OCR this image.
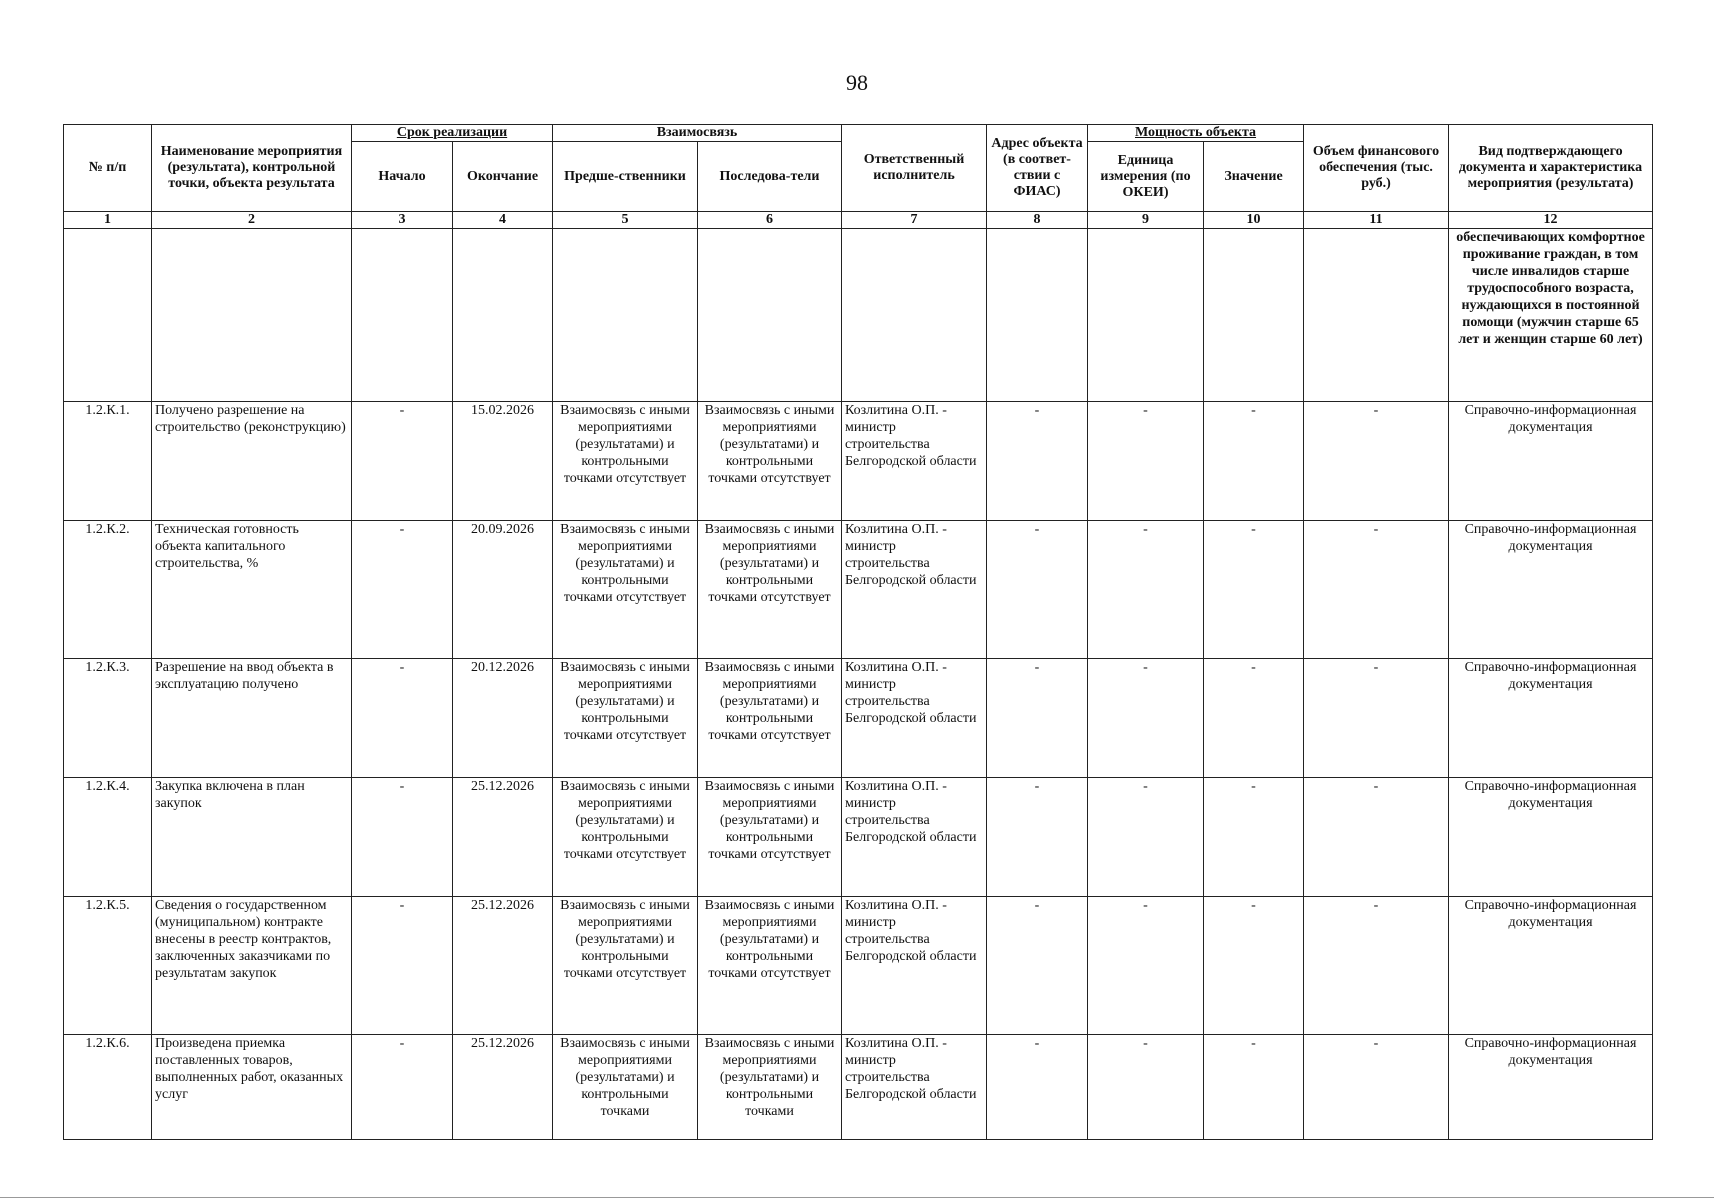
98
№ п/п	Наименование мероприятия (результата), контрольной точки, объекта результата	Срок реализации		Взаимосвязь		Ответственный исполнитель	Адрес объекта (в соответ-ствии с ФИАС)	Мощность объекта		Объем финансового обеспечения (тыс. руб.)	Вид подтверждающего документа и характеристика мероприятия (результата)
		Начало	Окончание	Предше-ственники	Последова-тели			Единица измерения (по ОКЕИ)	Значение		
1	2	3	4	5	6	7	8	9	10	11	12
											обеспечивающих комфортное проживание граждан, в том числе инвалидов старше трудоспособного возраста, нуждающихся в постоянной помощи (мужчин старше 65 лет и женщин старше 60 лет)
1.2.К.1.	Получено разрешение на строительство (реконструкцию)	-	15.02.2026	Взаимосвязь с иными мероприятиями (результатами) и контрольными точками отсутствует	Взаимосвязь с иными мероприятиями (результатами) и контрольными точками отсутствует	Козлитина О.П. - министр строительства Белгородской области	-	-	-	-	Справочно-информационная документация
1.2.К.2.	Техническая готовность объекта капитального строительства, %	-	20.09.2026	Взаимосвязь с иными мероприятиями (результатами) и контрольными точками отсутствует	Взаимосвязь с иными мероприятиями (результатами) и контрольными точками отсутствует	Козлитина О.П. - министр строительства Белгородской области	-	-	-	-	Справочно-информационная документация
1.2.К.3.	Разрешение на ввод объекта в эксплуатацию получено	-	20.12.2026	Взаимосвязь с иными мероприятиями (результатами) и контрольными точками отсутствует	Взаимосвязь с иными мероприятиями (результатами) и контрольными точками отсутствует	Козлитина О.П. - министр строительства Белгородской области	-	-	-	-	Справочно-информационная документация
1.2.К.4.	Закупка включена в план закупок	-	25.12.2026	Взаимосвязь с иными мероприятиями (результатами) и контрольными точками отсутствует	Взаимосвязь с иными мероприятиями (результатами) и контрольными точками отсутствует	Козлитина О.П. - министр строительства Белгородской области	-	-	-	-	Справочно-информационная документация
1.2.К.5.	Сведения о государственном (муниципальном) контракте внесены в реестр контрактов, заключенных заказчиками по результатам закупок	-	25.12.2026	Взаимосвязь с иными мероприятиями (результатами) и контрольными точками отсутствует	Взаимосвязь с иными мероприятиями (результатами) и контрольными точками отсутствует	Козлитина О.П. - министр строительства Белгородской области	-	-	-	-	Справочно-информационная документация
1.2.К.6.	Произведена приемка поставленных товаров, выполненных работ, оказанных услуг	-	25.12.2026	Взаимосвязь с иными мероприятиями (результатами) и контрольными точками	Взаимосвязь с иными мероприятиями (результатами) и контрольными точками	Козлитина О.П. - министр строительства Белгородской области	-	-	-	-	Справочно-информационная документация
